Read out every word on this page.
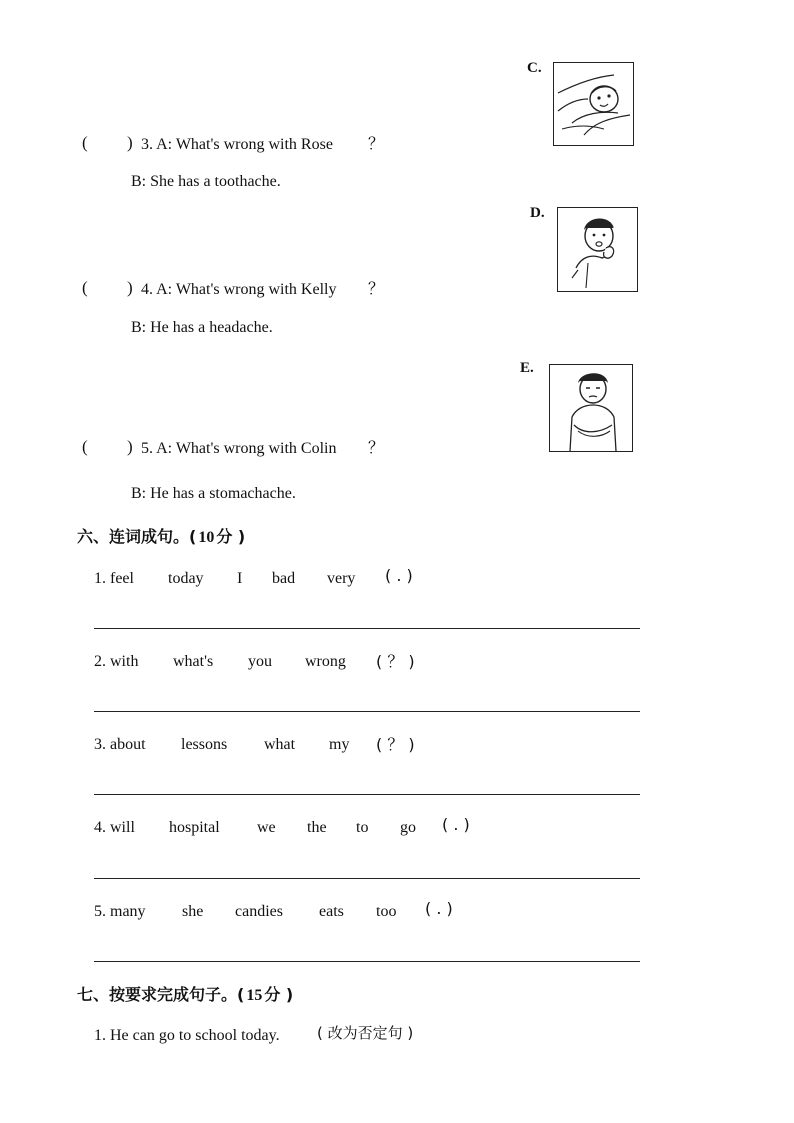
C.
D.
E.
( ) 3. A: What's wrong with Rose ？
B: She has a toothache.
( ) 4. A: What's wrong with Kelly ？
B: He has a headache.
( ) 5. A: What's wrong with Colin ？
B: He has a stomachache.
六、连词成句。( 10 分 )
1. feel today I bad very ( . )
2. with what's you wrong ( ？ )
3. about lessons what my ( ？ )
4. will hospital we the to go ( . )
5. many she candies eats too ( . )
七、按要求完成句子。( 15 分 )
1. He can go to school today. ( 改为否定句 )
